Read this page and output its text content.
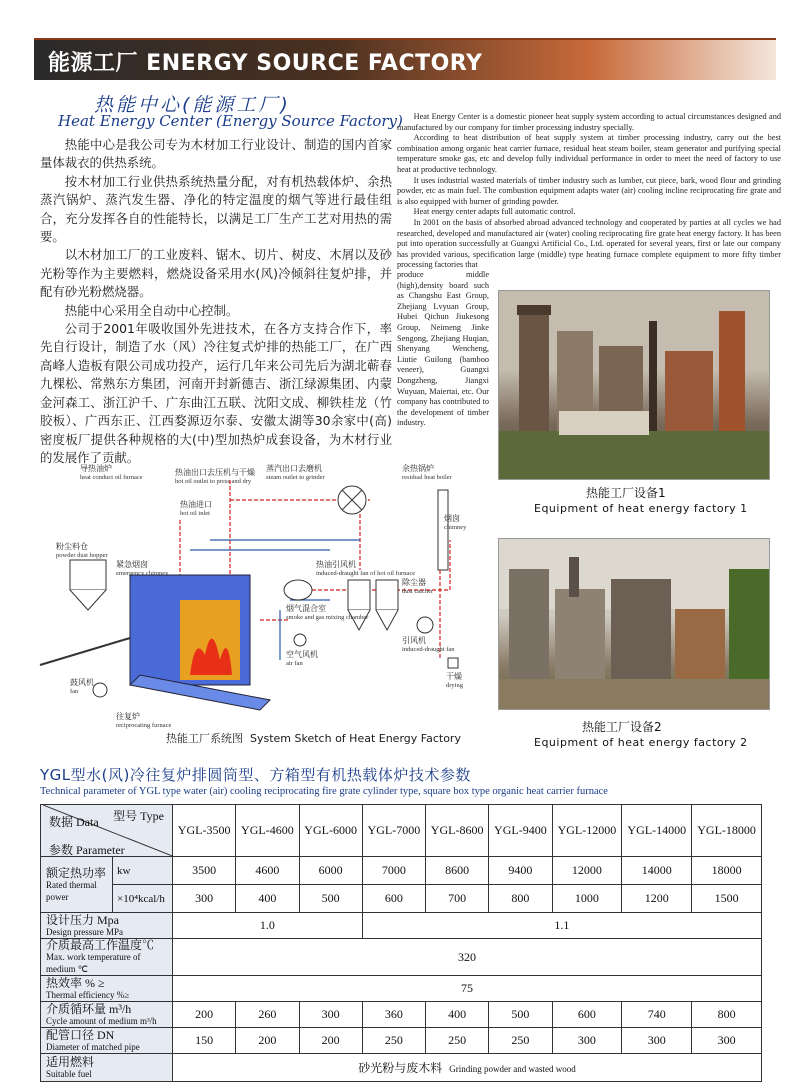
能源工厂 ENERGY SOURCE FACTORY
热能中心(能源工厂)
Heat Energy Center (Energy Source Factory)

热能中心是我公司专为木材加工行业设计、制造的国内首家量体裁衣的供热系统。

按木材加工行业供热系统热量分配，对有机热载体炉、余热蒸汽锅炉、蒸汽发生器、净化的特定温度的烟气等进行最佳组合，充分发挥各自的性能特长，以满足工厂生产工艺对用热的需要。

以木材加工厂的工业废料、锯木、切片、树皮、木屑以及砂光粉等作为主要燃料，燃烧设备采用水(风)冷倾斜往复炉排，并配有砂光粉燃烧器。

热能中心采用全自动中心控制。

公司于2001年吸收国外先进技术，在各方支持合作下，率先自行设计，制造了水（风）冷往复式炉排的热能工厂，在广西高峰人造板有限公司成功投产，运行几年来公司先后为湖北蕲春九棵松、常熟东方集团，河南开封新德吉、浙江绿源集团、内蒙金河森工、浙江沪千、广东曲江五联、沈阳文成、柳铁桂龙（竹胶板）、广西东正、江西婺源迈尔泰、安徽太湖等30余家中(高)密度板厂提供各种规格的大(中)型加热炉成套设备，为木材行业的发展作了贡献。

Heat Energy Center is a domestic pioneer heat supply system according to actual circumstances designed and manufactured by our company for timber processing industry specially.

According to heat distribution of heat supply system at timber processing industry, carry out the best combination among organic heat carrier furnace, residual heat steam boiler, steam generator and purifying special temperature smoke gas, etc and develop fully individual performance in order to meet the need of factory to use heat at productive technology.

It uses industrial wasted materials of timber industry such as lumber, cut piece, bark, wood flour and grinding powder, etc as main fuel. The combustion equipment adapts water (air) cooling incline reciprocating fire grate and is also equipped with burner of grinding powder.

Heat energy center adapts full automatic control.

In 2001 on the basis of absorbed abroad advanced technology and cooperated by parties at all cycles we had researched, developed and manufactured air (water) cooling reciprocating fire grate heat energy factory. It has been put into operation successfully at Guangxi Artificial Co., Ltd. operated for several years, first or late our company has provided various, specification large (middle) type heating furnace complete equipment to more fifty timber processing factories that

produce middle (high),density board such as Changshu East Group, Zhejiang Lvyuan Group, Hubei Qichun Jiukesong Group, Neimeng Jinke Sengong, Zhejiang Huqian, Shenyang Wencheng, Liutie Guilong (bamboo veneer), Guangxi Dongzheng, Jiangxi Wuyuan, Maiertai, etc. Our company has contributed to the development of timber industry.
热能工厂设备1
Equipment of heat energy factory 1
热能工厂设备2
Equipment of heat energy factory 2
导热油炉
heat conduct oil furnace
热油出口去压机与干燥
hot oil outlet to press and dry
蒸汽出口去磨机
steam outlet to grinder
余热锅炉
residual heat boiler
热油进口
hot oil inlet
烟囱
chimney
粉尘料仓
powder dust hopper
紧急烟囱
emergency chimney
热油引风机
induced-draught fan of hot oil furnace
烟气混合室
smoke and gas mixing chamber
除尘器
dust catcher
引风机
induced-draught fan
空气风机
air fan
干燥
drying
鼓风机
fan
往复炉
reciprocating furnace
热能工厂系统图 System Sketch of Heat Energy Factory
YGL型水(风)冷往复炉排圆筒型、方箱型有机热载体炉技术参数
Technical parameter of YGL type water (air) cooling reciprocating fire grate cylinder type, square box type organic heat carrier furnace
型号 Type
数据 Data
参数 Parameter		YGL-3500	YGL-4600	YGL-6000	YGL-7000	YGL-8600	YGL-9400	YGL-12000	YGL-14000	YGL-18000
额定热功率
Rated thermal power	kw	3500	4600	6000	7000	8600	9400	12000	14000	18000
	×10⁴kcal/h	300	400	500	600	700	800	1000	1200	1500
设计压力 Mpa
Design pressure MPa		1.0			1.1					
介质最高工作温度℃
Max. work temperature of medium ℃		320								
热效率 % ≥
Thermal efficiency %≥		75								
介质循环量 m³/h
Cycle amount of medium m³/h		200	260	300	360	400	500	600	740	800
配管口径 DN
Diameter of matched pipe		150	200	200	250	250	250	300	300	300
适用燃料
Suitable fuel		砂光粉与废木料 Grinding powder and wasted wood								
